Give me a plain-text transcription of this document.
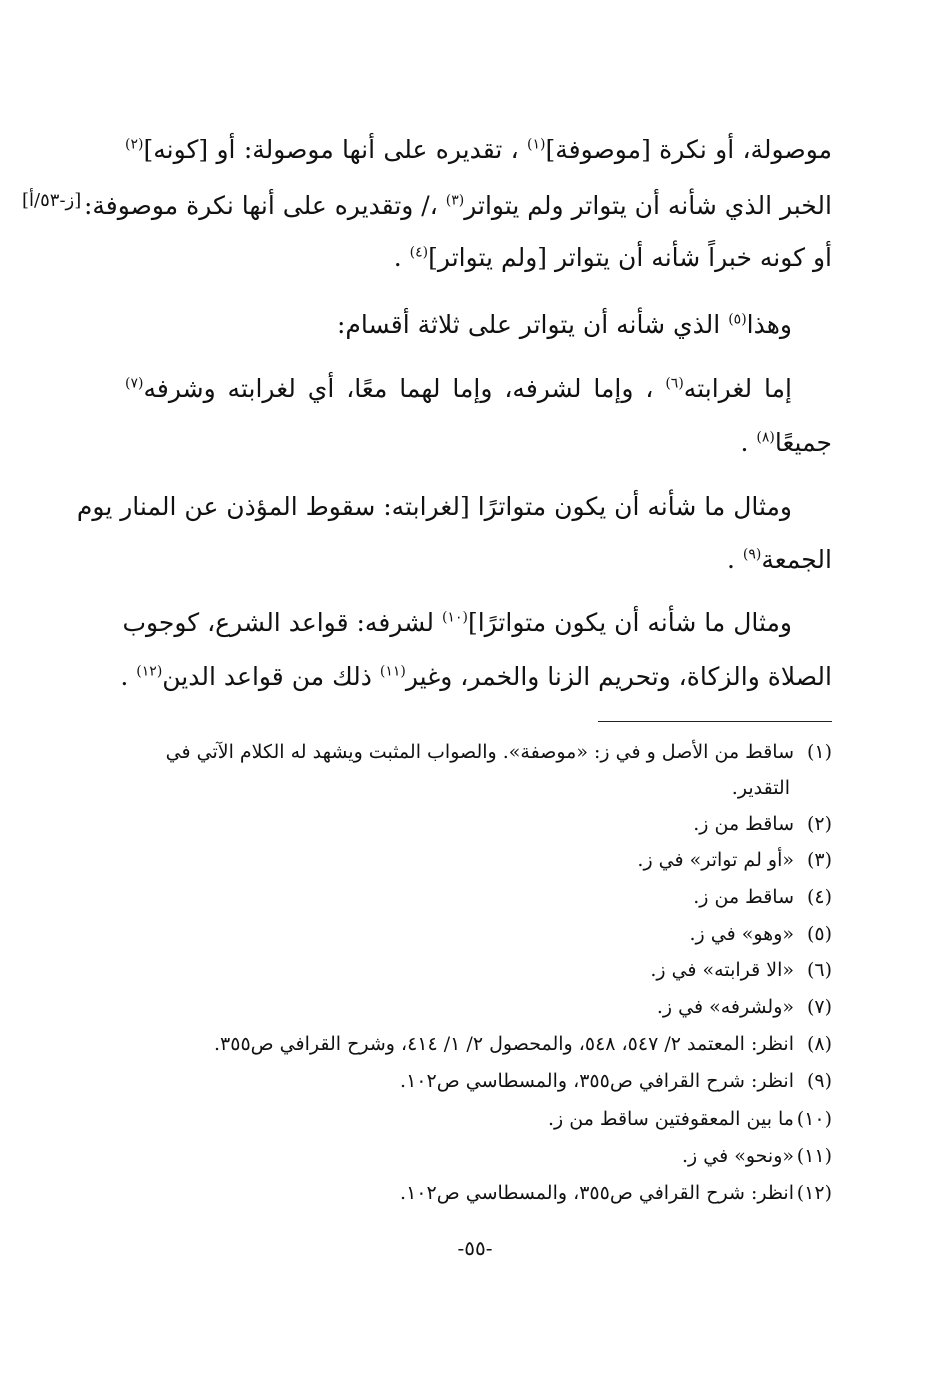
موصولة، أو نكرة [موصوفة]$^{(١)}$ ، تقديره على أنها موصولة: أو [كونه]$^{(٢)}$
الخبر الذي شأنه أن يتواتر ولم يتواتر$^{(٣)}$ ،/ وتقديره على أنها نكرة موصوفة:
أو كونه خبراً شأنه أن يتواتر [ولم يتواتر]$^{(٤)}$ .
وهذا$^{(٥)}$ الذي شأنه أن يتواتر على ثلاثة أقسام:
إما لغرابته$^{(٦)}$ ، وإما لشرفه، وإما لهما معًا، أي لغرابته وشرفه$^{(٧)}$
جميعًا$^{(٨)}$ .
ومثال ما شأنه أن يكون متواترًا [لغرابته: سقوط المؤذن عن المنار يوم
الجمعة$^{(٩)}$ .
ومثال ما شأنه أن يكون متواترًا]$^{(١٠)}$ لشرفه: قواعد الشرع، كوجوب
الصلاة والزكاة، وتحريم الزنا والخمر، وغير$^{(١١)}$ ذلك من قواعد الدين$^{(١٢)}$ .
[ز-٥٣/أ]
(١)ساقط من الأصل و في ز: «موصفة». والصواب المثبت ويشهد له الكلام الآتي في
التقدير.
(٢)ساقط من ز.
(٣)«أو لم تواتر» في ز.
(٤)ساقط من ز.
(٥)«وهو» في ز.
(٦)«الا قرابته» في ز.
(٧)«ولشرفه» في ز.
(٨)انظر: المعتمد ٢/ ٥٤٧، ٥٤٨، والمحصول ٢/ ١/ ٤١٤، وشرح القرافي ص٣٥٥.
(٩)انظر: شرح القرافي ص٣٥٥، والمسطاسي ص١٠٢.
(١٠)ما بين المعقوفتين ساقط من ز.
(١١)«ونحو» في ز.
(١٢)انظر: شرح القرافي ص٣٥٥، والمسطاسي ص١٠٢.
-٥٥-
